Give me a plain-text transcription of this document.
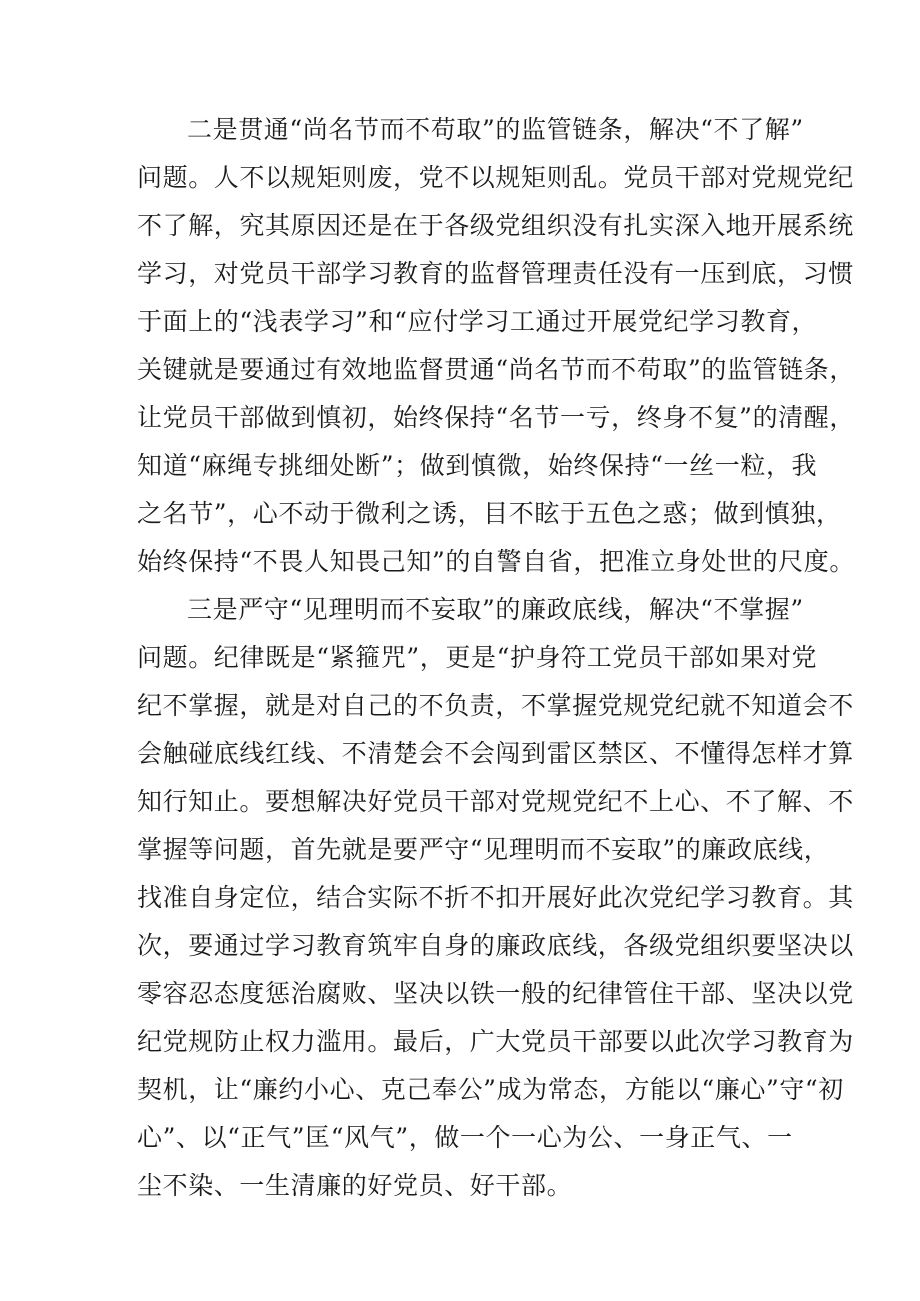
二是贯通“尚名节而不苟取”的监管链条，解决“不了解”
问题。人不以规矩则废，党不以规矩则乱。党员干部对党规党纪
不了解，究其原因还是在于各级党组织没有扎实深入地开展系统
学习，对党员干部学习教育的监督管理责任没有一压到底，习惯
于面上的“浅表学习”和“应付学习工通过开展党纪学习教育，
关键就是要通过有效地监督贯通“尚名节而不苟取”的监管链条，
让党员干部做到慎初，始终保持“名节一亏，终身不复”的清醒，
知道“麻绳专挑细处断”；做到慎微，始终保持“一丝一粒，我
之名节”，心不动于微利之诱，目不眩于五色之惑；做到慎独，
始终保持“不畏人知畏己知”的自警自省，把准立身处世的尺度。
三是严守“见理明而不妄取”的廉政底线，解决“不掌握”
问题。纪律既是“紧箍咒”，更是“护身符工党员干部如果对党
纪不掌握，就是对自己的不负责，不掌握党规党纪就不知道会不
会触碰底线红线、不清楚会不会闯到雷区禁区、不懂得怎样才算
知行知止。要想解决好党员干部对党规党纪不上心、不了解、不
掌握等问题，首先就是要严守“见理明而不妄取”的廉政底线，
找准自身定位，结合实际不折不扣开展好此次党纪学习教育。其
次，要通过学习教育筑牢自身的廉政底线，各级党组织要坚决以
零容忍态度惩治腐败、坚决以铁一般的纪律管住干部、坚决以党
纪党规防止权力滥用。最后，广大党员干部要以此次学习教育为
契机，让“廉约小心、克己奉公”成为常态，方能以“廉心”守“初
心”、以“正气”匡“风气”，做一个一心为公、一身正气、一
尘不染、一生清廉的好党员、好干部。
